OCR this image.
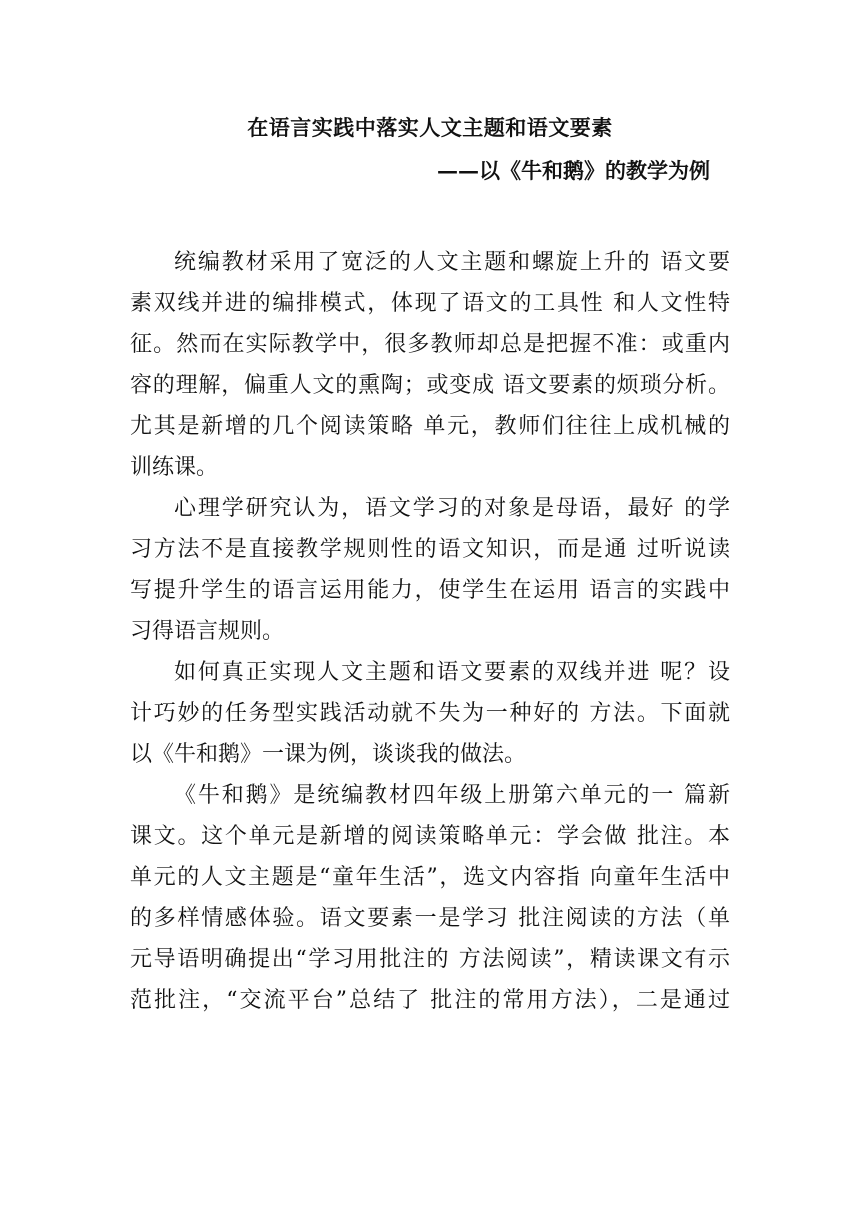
在语言实践中落实人文主题和语文要素
——以《牛和鹅》的教学为例

统编教材采用了宽泛的人文主题和螺旋上升的 语文要
素双线并进的编排模式，体现了语文的工具性 和人文性特
征。然而在实际教学中，很多教师却总是把握不准：或重内
容的理解，偏重人文的熏陶；或变成 语文要素的烦琐分析。
尤其是新增的几个阅读策略 单元，教师们往往上成机械的
训练课。

心理学研究认为，语文学习的对象是母语，最好 的学
习方法不是直接教学规则性的语文知识，而是通 过听说读
写提升学生的语言运用能力，使学生在运用 语言的实践中
习得语言规则。

如何真正实现人文主题和语文要素的双线并进 呢？设
计巧妙的任务型实践活动就不失为一种好的 方法。下面就
以《牛和鹅》一课为例，谈谈我的做法。

《牛和鹅》是统编教材四年级上册第六单元的一 篇新
课文。这个单元是新增的阅读策略单元：学会做 批注。本
单元的人文主题是“童年生活”，选文内容指 向童年生活中
的多样情感体验。语文要素一是学习 批注阅读的方法（单
元导语明确提出“学习用批注的 方法阅读”，精读课文有示
范批注，“交流平台”总结了 批注的常用方法），二是通过
